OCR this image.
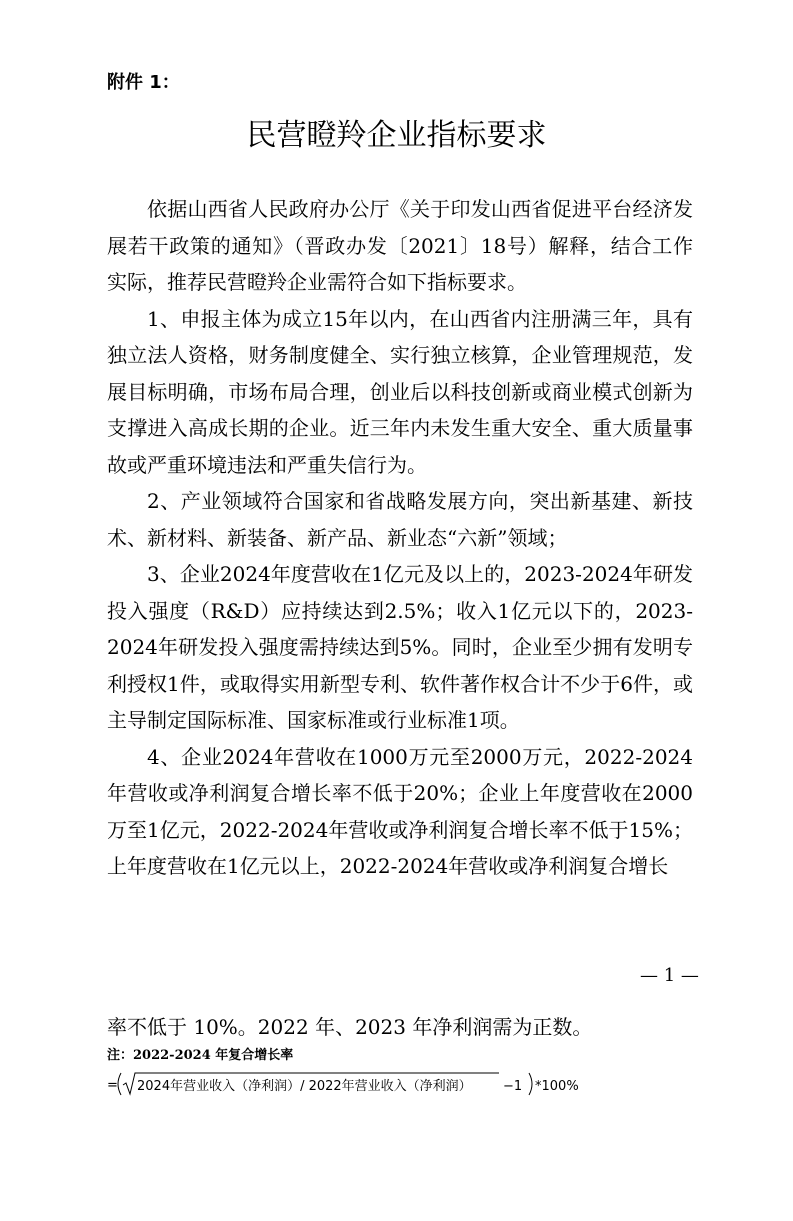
附件 1：
民营瞪羚企业指标要求

依据山西省人民政府办公厅《关于印发山西省促进平台经济发展若干政策的通知》（晋政办发〔2021〕18号）解释，结合工作实际，推荐民营瞪羚企业需符合如下指标要求。

1、申报主体为成立15年以内，在山西省内注册满三年，具有独立法人资格，财务制度健全、实行独立核算，企业管理规范，发展目标明确，市场布局合理，创业后以科技创新或商业模式创新为支撑进入高成长期的企业。近三年内未发生重大安全、重大质量事故或严重环境违法和严重失信行为。

2、产业领域符合国家和省战略发展方向，突出新基建、新技术、新材料、新装备、新产品、新业态“六新”领域；

3、企业2024年度营收在1亿元及以上的，2023-2024年研发投入强度（R&D）应持续达到2.5%；收入1亿元以下的，2023-2024年研发投入强度需持续达到5%。同时，企业至少拥有发明专利授权1件，或取得实用新型专利、软件著作权合计不少于6件，或主导制定国际标准、国家标准或行业标准1项。

4、企业2024年营收在1000万元至2000万元，2022-2024年营收或净利润复合增长率不低于20%；企业上年度营收在2000万至1亿元，2022-2024年营收或净利润复合增长率不低于15%；上年度营收在1亿元以上，2022-2024年营收或净利润复合增长

— 1 —
率不低于 10%。2022 年、2023 年净利润需为正数。
注：2022-2024 年复合增长率
= 2024年营业收入（净利润）/ 2022年营业收入（净利润） −1 *100%
